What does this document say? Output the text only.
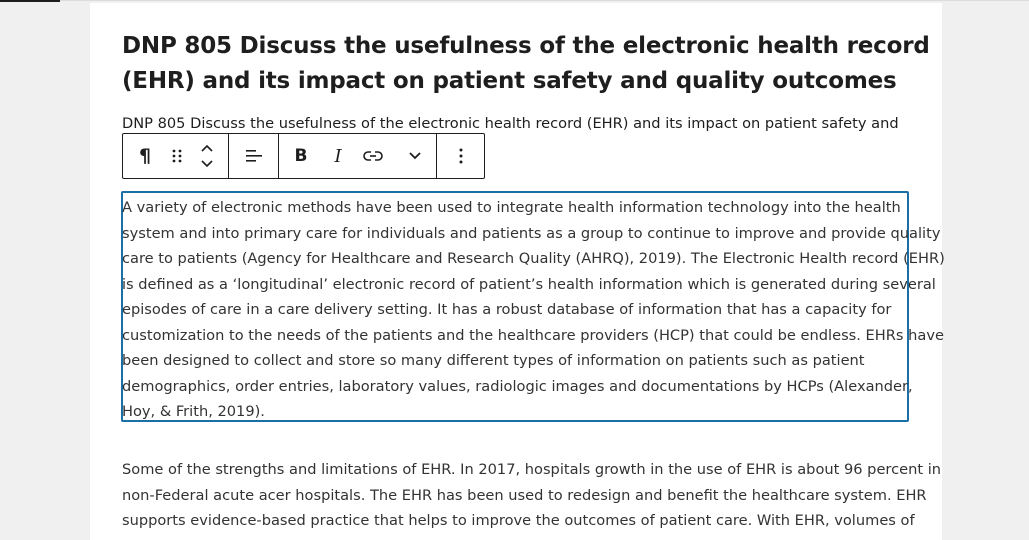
DNP 805 Discuss the usefulness of the electronic health record
(EHR) and its impact on patient safety and quality outcomes
DNP 805 Discuss the usefulness of the electronic health record (EHR) and its impact on patient safety and
¶	B I
A variety of electronic methods have been used to integrate health information technology into the health
system and into primary care for individuals and patients as a group to continue to improve and provide quality
care to patients (Agency for Healthcare and Research Quality (AHRQ), 2019). The Electronic Health record (EHR)
is defined as a ‘longitudinal’ electronic record of patient’s health information which is generated during several
episodes of care in a care delivery setting. It has a robust database of information that has a capacity for
customization to the needs of the patients and the healthcare providers (HCP) that could be endless. EHRs have
been designed to collect and store so many different types of information on patients such as patient
demographics, order entries, laboratory values, radiologic images and documentations by HCPs (Alexander,
Hoy, & Frith, 2019).
Some of the strengths and limitations of EHR. In 2017, hospitals growth in the use of EHR is about 96 percent in
non-Federal acute acer hospitals. The EHR has been used to redesign and benefit the healthcare system. EHR
supports evidence-based practice that helps to improve the outcomes of patient care. With EHR, volumes of
